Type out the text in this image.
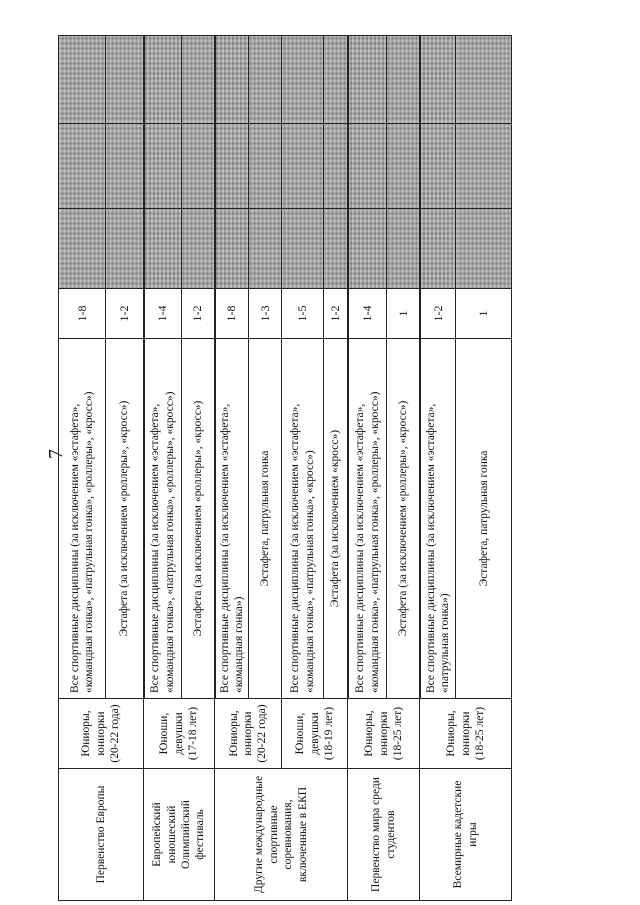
7
Первенство Европы	Юниоры, юниорки (20-22 года)	Все спортивные дисциплины (за исключением «эстафета», «командная гонка», «патрульная гонка», «роллеры», «кросс»)	1-8			
		Эстафета (за исключением «роллеры», «кросс»)	1-2			
Европейский юношеский Олимпийский фестиваль	Юноши, девушки (17-18 лет)	Все спортивные дисциплины (за исключением «эстафета», «командная гонка», «патрульная гонка», «роллеры», «кросс»)	1-4			
		Эстафета (за исключением «роллеры», «кросс»)	1-2			
Другие международные спортивные соревнования, включенные в ЕКП	Юниоры, юниорки (20-22 года)	Все спортивные дисциплины (за исключением «эстафета», «командная гонка»)	1-8			
		Эстафета, патрульная гонка	1-3			
	Юноши, девушки (18-19 лет)	Все спортивные дисциплины (за исключением «эстафета», «командная гонка», «патрульная гонка», «кросс»)	1-5			
		Эстафета (за исключением «кросс»)	1-2			
Первенство мира среди студентов	Юниоры, юниорки (18-25 лет)	Все спортивные дисциплины (за исключением «эстафета», «командная гонка», «патрульная гонка», «роллеры», «кросс»)	1-4			
		Эстафета (за исключением «роллеры», «кросс»)	1			
Всемирные кадетские игры	Юниоры, юниорки (18-25 лет)	Все спортивные дисциплины (за исключением «эстафета», «патрульная гонка»)	1-2			
		Эстафета, патрульная гонка	1			
